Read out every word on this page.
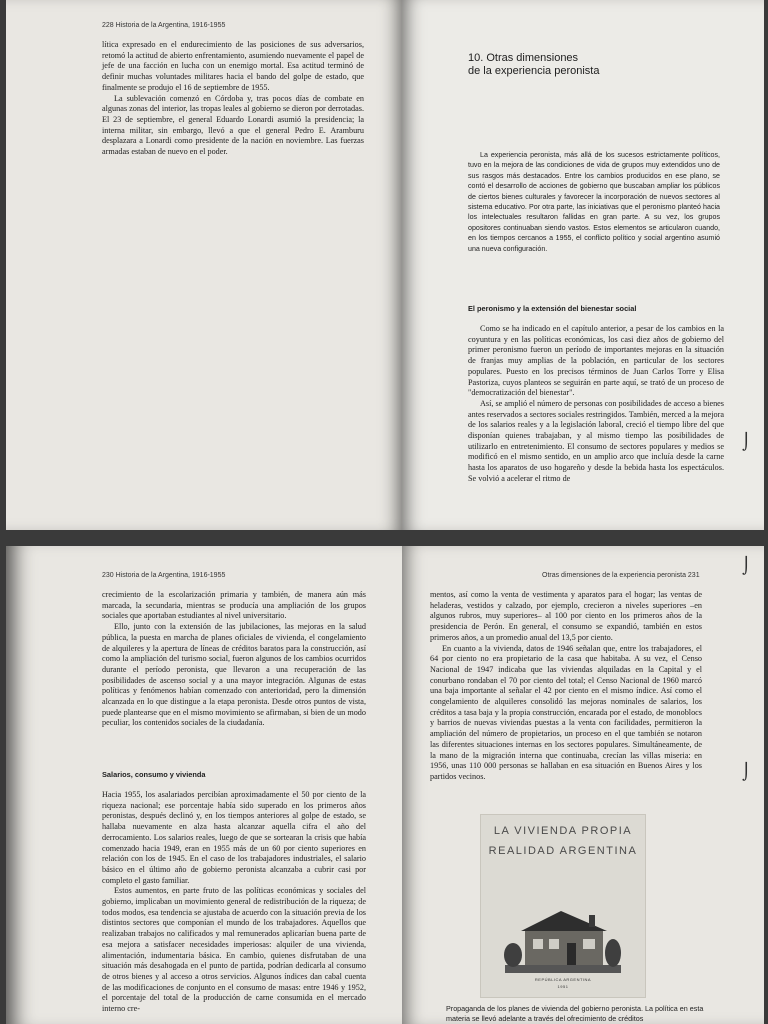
228 Historia de la Argentina, 1916-1955

lítica expresado en el endurecimiento de las posiciones de sus adversarios, retomó la actitud de abierto enfrentamiento, asumiendo nuevamente el papel de jefe de una facción en lucha con un enemigo mortal. Esa actitud terminó de definir muchas voluntades militares hacia el bando del golpe de estado, que finalmente se produjo el 16 de septiembre de 1955.

La sublevación comenzó en Córdoba y, tras pocos días de combate en algunas zonas del interior, las tropas leales al gobierno se dieron por derrotadas. El 23 de septiembre, el general Eduardo Lonardi asumió la presidencia; la interna militar, sin embargo, llevó a que el general Pedro E. Aramburu desplazara a Lonardi como presidente de la nación en noviembre. Las fuerzas armadas estaban de nuevo en el poder.

10. Otras dimensiones
de la experiencia peronista

La experiencia peronista, más allá de los sucesos estrictamente políticos, tuvo en la mejora de las condiciones de vida de grupos muy extendidos uno de sus rasgos más destacados. Entre los cambios producidos en ese plano, se contó el desarrollo de acciones de gobierno que buscaban ampliar los públicos de ciertos bienes culturales y favorecer la incorporación de nuevos sectores al sistema educativo. Por otra parte, las iniciativas que el peronismo planteó hacia los intelectuales resultaron fallidas en gran parte. A su vez, los grupos opositores continuaban siendo vastos. Estos elementos se articularon cuando, en los tiempos cercanos a 1955, el conflicto político y social argentino asumió una nueva configuración.

El peronismo y la extensión del bienestar social

Como se ha indicado en el capítulo anterior, a pesar de los cambios en la coyuntura y en las políticas económicas, los casi diez años de gobierno del primer peronismo fueron un período de importantes mejoras en la situación de franjas muy amplias de la población, en particular de los sectores populares. Puesto en los precisos términos de Juan Carlos Torre y Elisa Pastoriza, cuyos planteos se seguirán en parte aquí, se trató de un proceso de "democratización del bienestar".

Así, se amplió el número de personas con posibilidades de acceso a bienes antes reservados a sectores sociales restringidos. También, merced a la mejora de los salarios reales y a la legislación laboral, creció el tiempo libre del que disponían quienes trabajaban, y al mismo tiempo las posibilidades de utilizarlo en entretenimiento. El consumo de sectores populares y medios se modificó en el mismo sentido, en un amplio arco que incluía desde la carne hasta los aparatos de uso hogareño y desde la bebida hasta los espectáculos. Se volvió a acelerar el ritmo de

⌡
230 Historia de la Argentina, 1916-1955

crecimiento de la escolarización primaria y también, de manera aún más marcada, la secundaria, mientras se producía una ampliación de los grupos sociales que aportaban estudiantes al nivel universitario.

Ello, junto con la extensión de las jubilaciones, las mejoras en la salud pública, la puesta en marcha de planes oficiales de vivienda, el congelamiento de alquileres y la apertura de líneas de créditos baratos para la construcción, así como la ampliación del turismo social, fueron algunos de los cambios ocurridos durante el período peronista, que llevaron a una recuperación de las posibilidades de ascenso social y a una mayor integración. Algunas de estas políticas y fenómenos habían comenzado con anterioridad, pero la dimensión alcanzada en lo que distingue a la etapa peronista. Desde otros puntos de vista, puede plantearse que en el mismo movimiento se afirmaban, si bien de un modo peculiar, los contenidos sociales de la ciudadanía.

Salarios, consumo y vivienda

Hacia 1955, los asalariados percibían aproximadamente el 50 por ciento de la riqueza nacional; ese porcentaje había sido superado en los primeros años peronistas, después declinó y, en los tiempos anteriores al golpe de estado, se hallaba nuevamente en alza hasta alcanzar aquella cifra el año del derrocamiento. Los salarios reales, luego de que se sortearan la crisis que había comenzado hacia 1949, eran en 1955 más de un 60 por ciento superiores en relación con los de 1945. En el caso de los trabajadores industriales, el salario básico en el último año de gobierno peronista alcanzaba a cubrir casi por completo el gasto familiar.

Estos aumentos, en parte fruto de las políticas económicas y sociales del gobierno, implicaban un movimiento general de redistribución de la riqueza; de todos modos, esa tendencia se ajustaba de acuerdo con la situación previa de los distintos sectores que componían el mundo de los trabajadores. Aquellos que realizaban trabajos no calificados y mal remunerados aplicarían buena parte de esa mejora a satisfacer necesidades imperiosas: alquiler de una vivienda, alimentación, indumentaria básica. En cambio, quienes disfrutaban de una situación más desahogada en el punto de partida, podrían dedicarla al consumo de otros bienes y al acceso a otros servicios. Algunos índices dan cabal cuenta de las modificaciones de conjunto en el consumo de masas: entre 1946 y 1952, el porcentaje del total de la producción de carne consumida en el mercado interno cre-

Otras dimensiones de la experiencia peronista 231

mentos, así como la venta de vestimenta y aparatos para el hogar; las ventas de heladeras, vestidos y calzado, por ejemplo, crecieron a niveles superiores –en algunos rubros, muy superiores– al 100 por ciento en los primeros años de la presidencia de Perón. En general, el consumo se expandió, también en estos primeros años, a un promedio anual del 13,5 por ciento.

En cuanto a la vivienda, datos de 1946 señalan que, entre los trabajadores, el 64 por ciento no era propietario de la casa que habitaba. A su vez, el Censo Nacional de 1947 indicaba que las viviendas alquiladas en la Capital y el conurbano rondaban el 70 por ciento del total; el Censo Nacional de 1960 marcó una baja importante al señalar el 42 por ciento en el mismo índice. Así como el congelamiento de alquileres consolidó las mejoras nominales de salarios, los créditos a tasa baja y la propia construcción, encarada por el estado, de monoblocs y barrios de nuevas viviendas puestas a la venta con facilidades, permitieron la ampliación del número de propietarios, un proceso en el que también se notaron las diferentes situaciones internas en los sectores populares. Simultáneamente, de la mano de la migración interna que continuaba, crecían las villas miseria: en 1956, unas 110 000 personas se hallaban en esa situación en Buenos Aires y los partidos vecinos.

LA VIVIENDA PROPIA
REALIDAD ARGENTINA
REPÚBLICA ARGENTINA
1951
Propaganda de los planes de vivienda del gobierno peronista. La política en esta materia se llevó adelante a través del ofrecimiento de créditos
⌡
⌡
